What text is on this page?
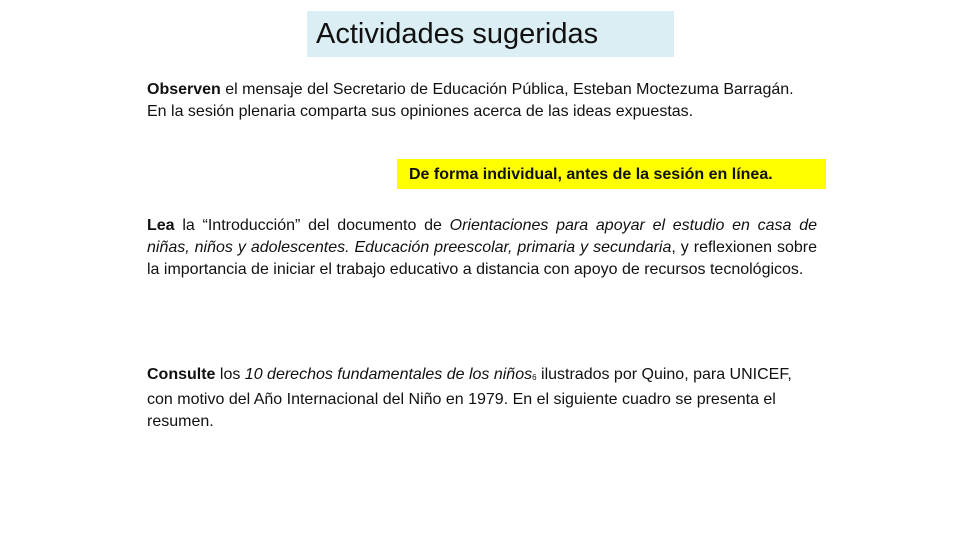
Actividades sugeridas

Observen el mensaje del Secretario de Educación Pública, Esteban Moctezuma Barragán. En la sesión plenaria comparta sus opiniones acerca de las ideas expuestas.

De forma individual, antes de la sesión en línea.

Lea la “Introducción” del documento de Orientaciones para apoyar el estudio en casa de niñas, niños y adolescentes. Educación preescolar, primaria y secundaria, y reflexionen sobre la importancia de iniciar el trabajo educativo a distancia con apoyo de recursos tecnológicos.

Consulte los 10 derechos fundamentales de los niños6 ilustrados por Quino, para UNICEF, con motivo del Año Internacional del Niño en 1979. En el siguiente cuadro se presenta el resumen.
